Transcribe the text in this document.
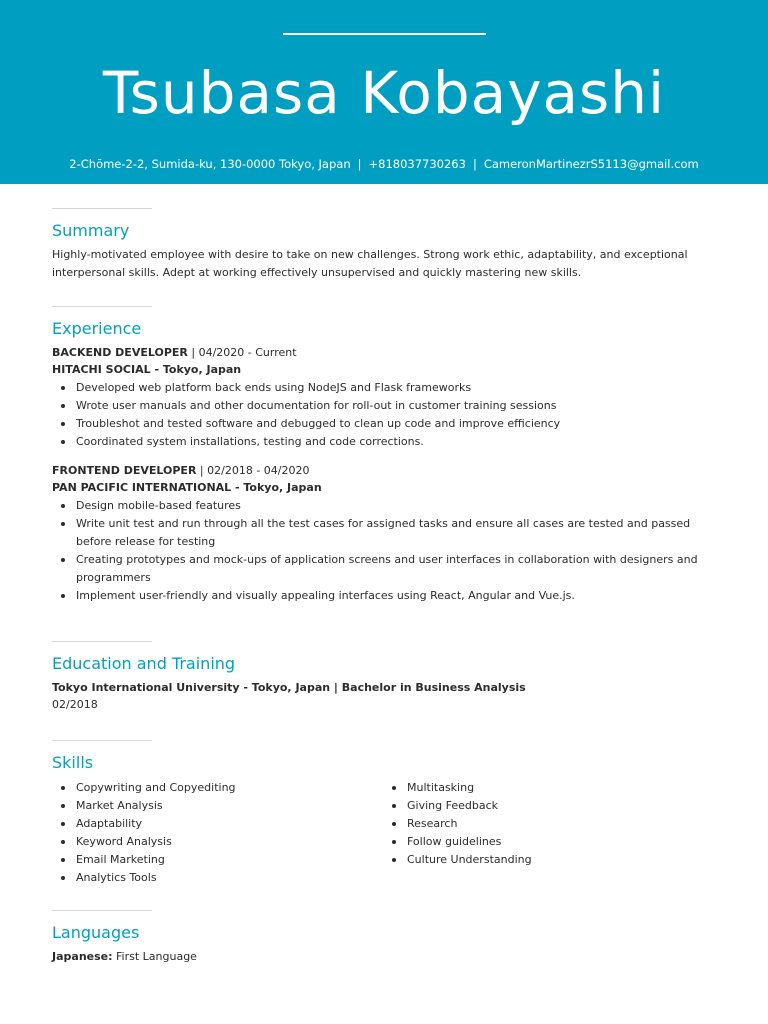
Tsubasa Kobayashi
2-Chōme-2-2, Sumida-ku, 130-0000 Tokyo, Japan | +818037730263 | CameronMartinezrS5113@gmail.com
Summary

Highly-motivated employee with desire to take on new challenges. Strong work ethic, adaptability, and exceptional interpersonal skills. Adept at working effectively unsupervised and quickly mastering new skills.

Experience
BACKEND DEVELOPER | 04/2020 - Current
HITACHI SOCIAL - Tokyo, Japan
Developed web platform back ends using NodeJS and Flask frameworks
Wrote user manuals and other documentation for roll-out in customer training sessions
Troubleshot and tested software and debugged to clean up code and improve efficiency
Coordinated system installations, testing and code corrections.
FRONTEND DEVELOPER | 02/2018 - 04/2020
PAN PACIFIC INTERNATIONAL - Tokyo, Japan
Design mobile-based features
Write unit test and run through all the test cases for assigned tasks and ensure all cases are tested and passed before release for testing
Creating prototypes and mock-ups of application screens and user interfaces in collaboration with designers and programmers
Implement user-friendly and visually appealing interfaces using React, Angular and Vue.js.
Education and Training
Tokyo International University - Tokyo, Japan | Bachelor in Business Analysis
02/2018
Skills
Copywriting and Copyediting
Market Analysis
Adaptability
Keyword Analysis
Email Marketing
Analytics Tools
Multitasking
Giving Feedback
Research
Follow guidelines
Culture Understanding
Languages
Japanese: First Language
